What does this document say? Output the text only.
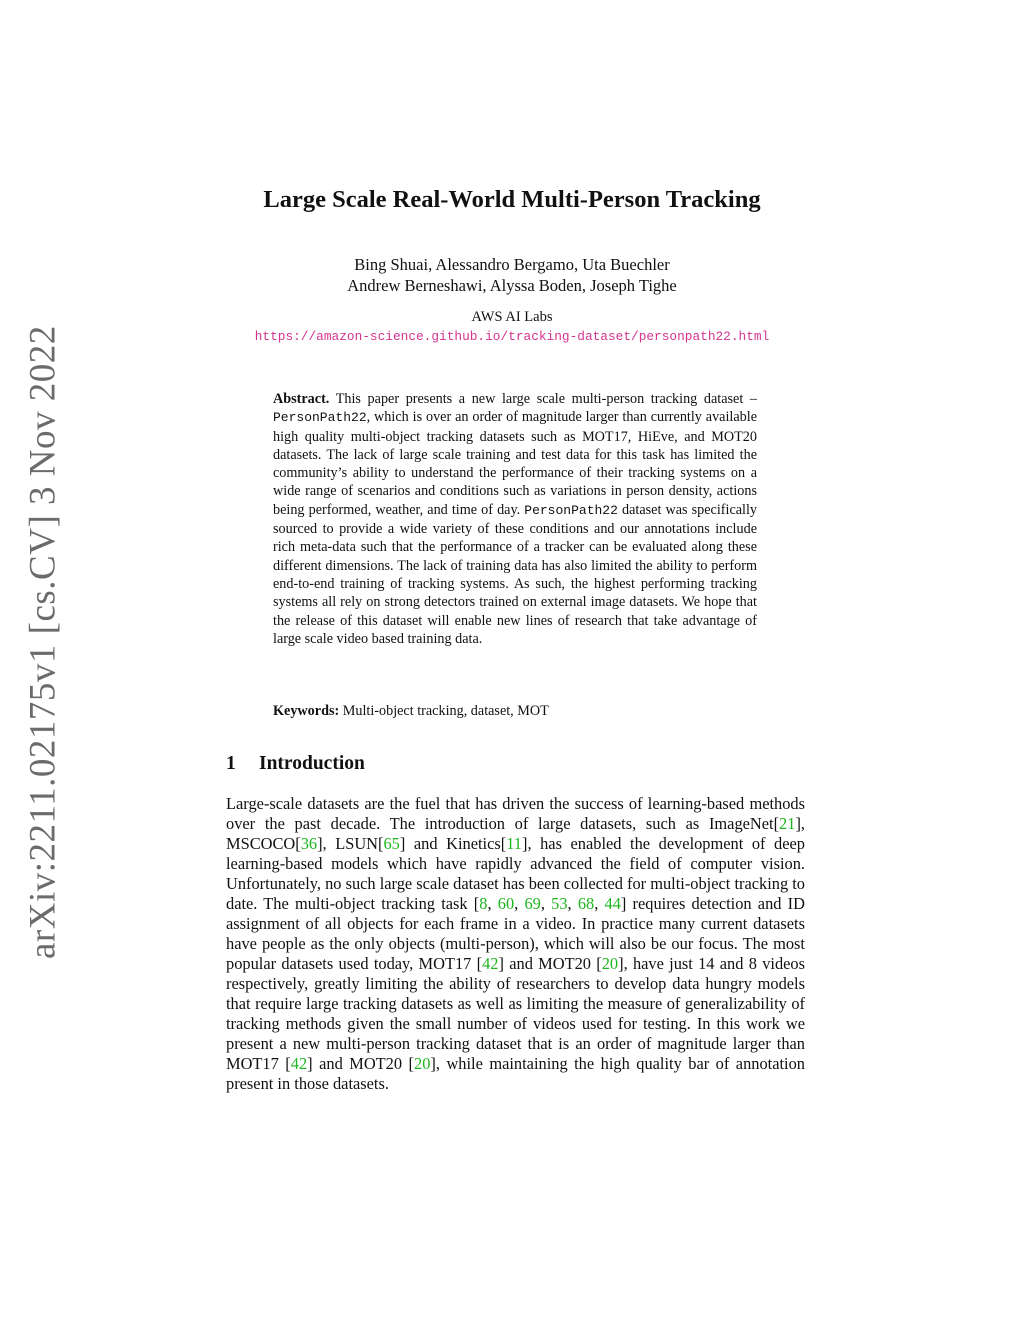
arXiv:2211.02175v1 [cs.CV] 3 Nov 2022
Large Scale Real-World Multi-Person Tracking
Bing Shuai, Alessandro Bergamo, Uta Buechler
Andrew Berneshawi, Alyssa Boden, Joseph Tighe
AWS AI Labs
https://amazon-science.github.io/tracking-dataset/personpath22.html
Abstract. This paper presents a new large scale multi-person tracking dataset – PersonPath22, which is over an order of magnitude larger than currently available high quality multi-object tracking datasets such as MOT17, HiEve, and MOT20 datasets. The lack of large scale training and test data for this task has limited the community’s ability to understand the performance of their tracking systems on a wide range of scenarios and conditions such as variations in person density, actions being performed, weather, and time of day. PersonPath22 dataset was specifically sourced to provide a wide variety of these conditions and our annotations include rich meta-data such that the performance of a tracker can be evaluated along these different dimensions. The lack of training data has also limited the ability to perform end-to-end training of tracking systems. As such, the highest performing tracking systems all rely on strong detectors trained on external image datasets. We hope that the release of this dataset will enable new lines of research that take advantage of large scale video based training data.
Keywords: Multi-object tracking, dataset, MOT
1 Introduction
Large-scale datasets are the fuel that has driven the success of learning-based methods over the past decade. The introduction of large datasets, such as ImageNet[21], MSCOCO[36], LSUN[65] and Kinetics[11], has enabled the development of deep learning-based models which have rapidly advanced the field of computer vision. Unfortunately, no such large scale dataset has been collected for multi-object tracking to date. The multi-object tracking task [8, 60, 69, 53, 68, 44] requires detection and ID assignment of all objects for each frame in a video. In practice many current datasets have people as the only objects (multi-person), which will also be our focus. The most popular datasets used today, MOT17 [42] and MOT20 [20], have just 14 and 8 videos respectively, greatly limiting the ability of researchers to develop data hungry models that require large tracking datasets as well as limiting the measure of generalizability of tracking methods given the small number of videos used for testing. In this work we present a new multi-person tracking dataset that is an order of magnitude larger than MOT17 [42] and MOT20 [20], while maintaining the high quality bar of annotation present in those datasets.
